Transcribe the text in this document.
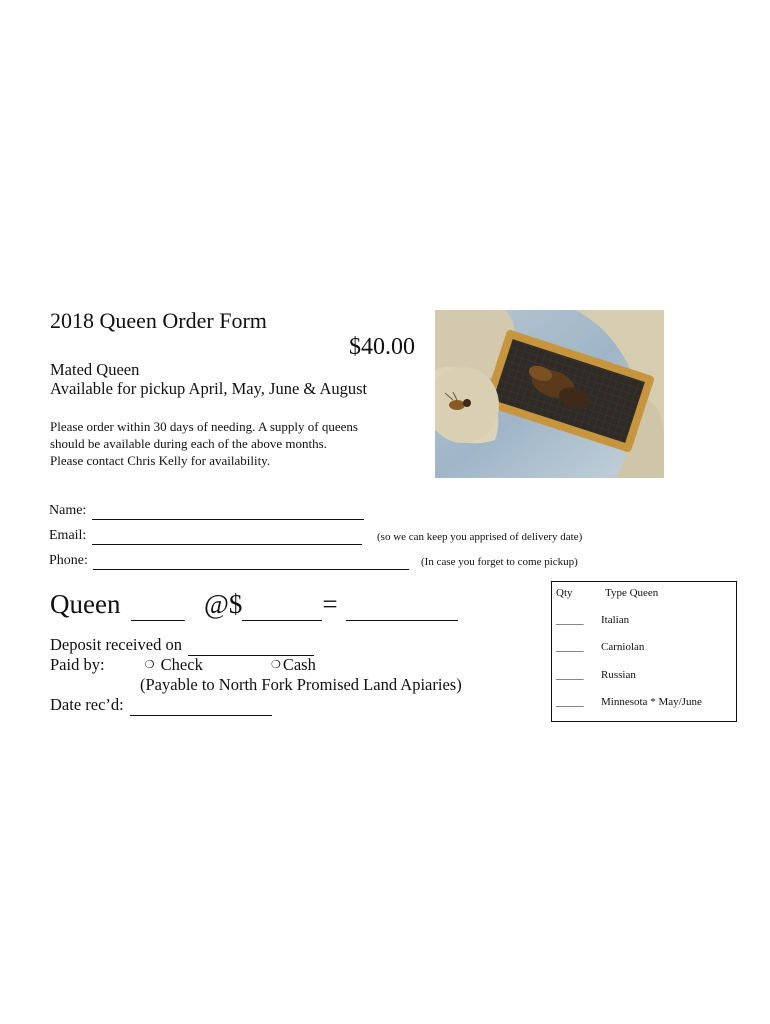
2018 Queen Order Form
$40.00
Mated Queen
Available for pickup April, May, June & August
Please order within 30 days of needing. A supply of queens
should be available during each of the above months.
Please contact Chris Kelly for availability.
Name:
Email:	(so we can keep you apprised of delivery date)
Phone:	(In case you forget to come pickup)
Queen	@$	=
Deposit received on
Paid by:	❍ Check	❍ Cash
(Payable to North Fork Promised Land Apiaries)
Date rec’d:
Qty	Type Queen
_____ Italian
_____ Carniolan
_____ Russian
_____ Minnesota * May/June
